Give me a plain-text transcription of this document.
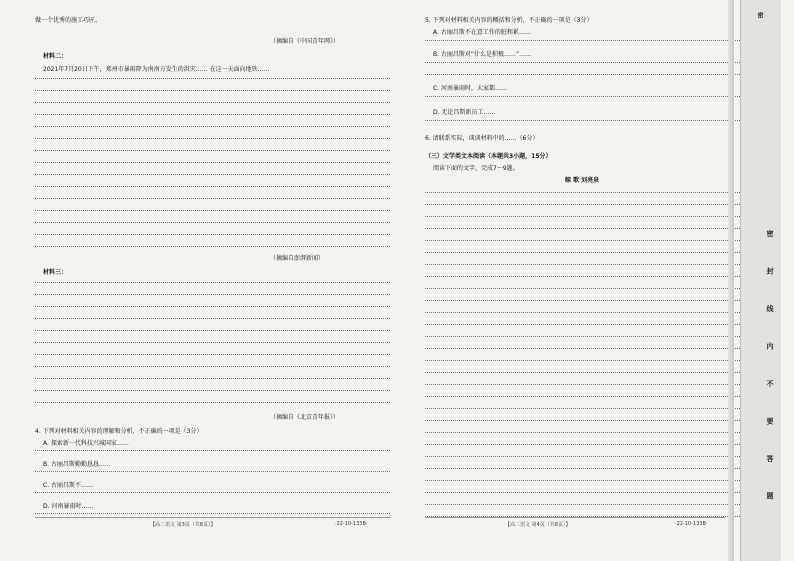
做一个优秀的施工巧匠。
（摘编自《中国青年网》）
材料二：
2021年7月20日下午，郑州市暴雨降为南南方发生的洪灾…… 在这一天面向地铁……
（摘编自澎湃新闻）
材料三：
（摘编自《北京青年报》）
4. 下列对材料相关内容的理解和分析，不正确的一项是（3分）
A. 探索新一代科技兴城国家……
B. 古丽昌斯勤勤恳恳……
C. 古丽昌斯不……
D. 河南暴雨时……
【高二语文 第3页（共8页）】	·22-10-133B·
5. 下列对材料相关内容的概括和分析，不正确的一项是（3分）
A. 古丽昌斯不在意工作的脏和累……
B. 古丽昌斯对“什么是积极……”……
C. 河南暴雨时，大家都……
D. 无论昌斯新员工……
6. 请联系实际，谈谈材料中的……（6分）
（三）文学类文本阅读（本题共3小题，15分）
阅读下面的文字，完成7～9题。
鲸 歌 刘亮泉
【高二语文 第4页（共8页）】	·22-10-133B·
密
密 封 线 内 不 要 答 题
